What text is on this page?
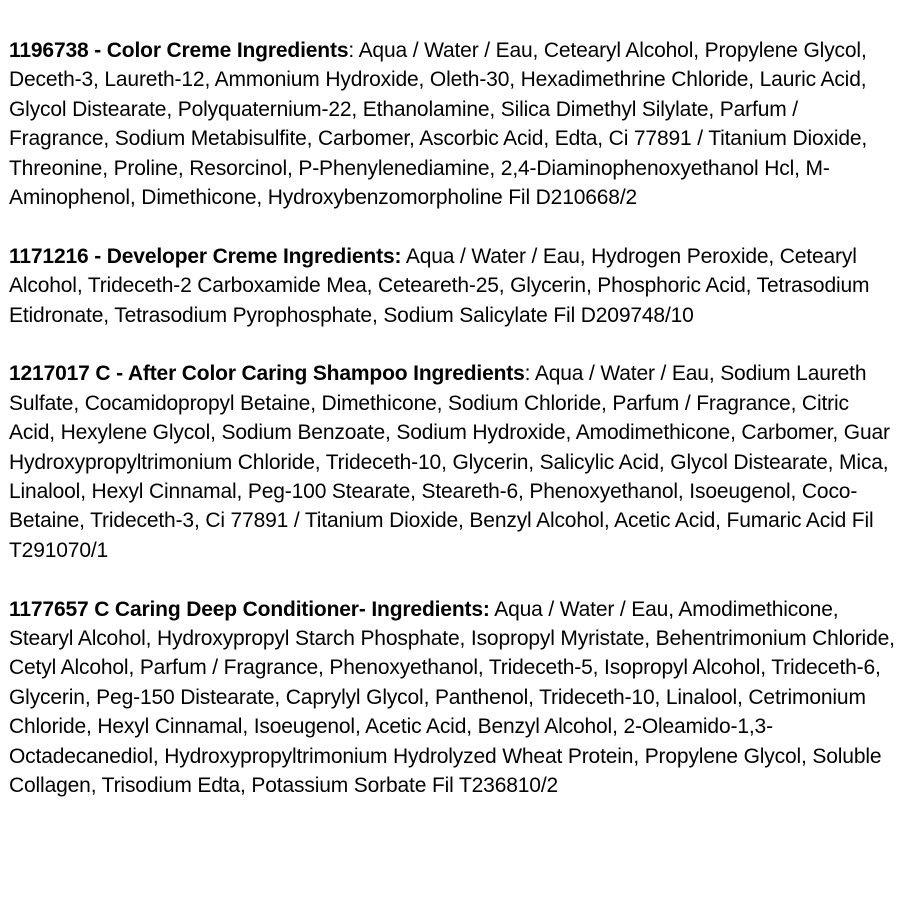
1196738 - Color Creme Ingredients: Aqua / Water / Eau, Cetearyl Alcohol, Propylene Glycol, Deceth-3, Laureth-12, Ammonium Hydroxide, Oleth-30, Hexadimethrine Chloride, Lauric Acid, Glycol Distearate, Polyquaternium-22, Ethanolamine, Silica Dimethyl Silylate, Parfum / Fragrance, Sodium Metabisulfite, Carbomer, Ascorbic Acid, Edta, Ci 77891 / Titanium Dioxide, Threonine, Proline, Resorcinol, P-Phenylenediamine, 2,4-Diaminophenoxyethanol Hcl, M-Aminophenol, Dimethicone, Hydroxybenzomorpholine Fil D210668/2

1171216 - Developer Creme Ingredients: Aqua / Water / Eau, Hydrogen Peroxide, Cetearyl Alcohol, Trideceth-2 Carboxamide Mea, Ceteareth-25, Glycerin, Phosphoric Acid, Tetrasodium Etidronate, Tetrasodium Pyrophosphate, Sodium Salicylate Fil D209748/10

1217017 C - After Color Caring Shampoo Ingredients: Aqua / Water / Eau, Sodium Laureth Sulfate, Cocamidopropyl Betaine, Dimethicone, Sodium Chloride, Parfum / Fragrance, Citric Acid, Hexylene Glycol, Sodium Benzoate, Sodium Hydroxide, Amodimethicone, Carbomer, Guar Hydroxypropyltrimonium Chloride, Trideceth-10, Glycerin, Salicylic Acid, Glycol Distearate, Mica, Linalool, Hexyl Cinnamal, Peg-100 Stearate, Steareth-6, Phenoxyethanol, Isoeugenol, Coco-Betaine, Trideceth-3, Ci 77891 / Titanium Dioxide, Benzyl Alcohol, Acetic Acid, Fumaric Acid Fil T291070/1

1177657 C Caring Deep Conditioner- Ingredients: Aqua / Water / Eau, Amodimethicone, Stearyl Alcohol, Hydroxypropyl Starch Phosphate, Isopropyl Myristate, Behentrimonium Chloride, Cetyl Alcohol, Parfum / Fragrance, Phenoxyethanol, Trideceth-5, Isopropyl Alcohol, Trideceth-6, Glycerin, Peg-150 Distearate, Caprylyl Glycol, Panthenol, Trideceth-10, Linalool, Cetrimonium Chloride, Hexyl Cinnamal, Isoeugenol, Acetic Acid, Benzyl Alcohol, 2-Oleamido-1,3-Octadecanediol, Hydroxypropyltrimonium Hydrolyzed Wheat Protein, Propylene Glycol, Soluble Collagen, Trisodium Edta, Potassium Sorbate Fil T236810/2
